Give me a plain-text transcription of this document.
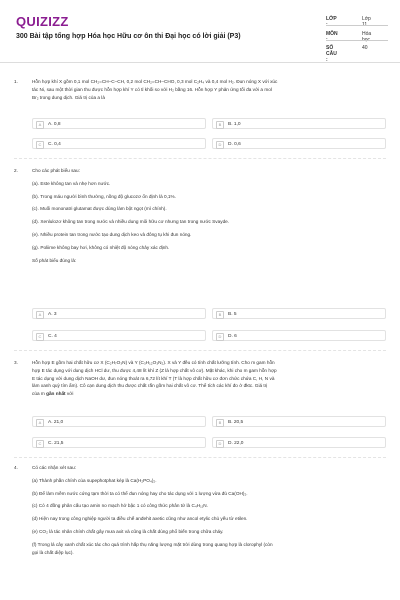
QUIZIZZ
300 Bài tập tổng hợp Hóa học Hữu cơ ôn thi Đại học có lời giải (P3)
LỚP :
Lớp 11
MÔN :
Hóa học
SỐ CÂU :
40
1.	Hỗn hợp khí X gồm 0,1 mol CH₂=CH–C–CH, 0,2 mol CH₂=CH–CHO, 0,3 mol C₂H₄ và 0,4 mol H₂. Đun nóng X với xúc
tác Ni, sau một thời gian thu được hỗn hợp khí Y có tỉ khối so với H₂ bằng 16. Hỗn hợp Y phản ứng tối đa với a mol
Br₂ trong dung dịch. Giá trị của a là
A	A. 0,8	B	B. 1,0
C	C. 0,4	D	D. 0,6
2.	Cho các phát biểu sau:
(a). Este không tan và nhẹ hơn nước.
(b). Trong máu người bình thường, nồng độ glucozơ ổn định là 0,1%.
(c). Muối mononatri glutamat được dùng làm bột ngọt (mì chính).
(d). Xenlulozơ không tan trong nước và nhiều dung môi hữu cơ nhưng tan trong nước Svayde.
(e). Nhiều protein tan trong nước tạo dung dịch keo và đông tụ khi đun nóng.
(g). Poliime không bay hơi, không có nhiệt độ nóng chảy xác định.
Số phát biểu đúng là:
A	A. 3	B	B. 5
C	C. 4	D	D. 6
3.	Hỗn hợp E gồm hai chất hữu cơ X (C₂H₇O₃N) và Y (C₃H₁₂O₃N₂). X và Y đều có tính chất lưỡng tính. Cho m gam hỗn
hợp E tác dụng với dung dịch HCl dư, thu được 4,48 lít khí Z (Z là hợp chất vô cơ). Mặt khác, khi cho m gam hỗn hợp
E tác dụng với dung dịch NaOH dư, đun nóng thoát ra 6,72 lít khí T (T là hợp chất hữu cơ đơn chức chứa C, H, N và
làm xanh quỳ tím ẩm). Cô cạn dung dịch thu được chất rắn gồm hai chất vô cơ. Thể tích các khí đo ở đktc. Giá trị
của m gần nhất với
A	A. 21,0	B	B. 20,5
C	C. 21,5	D	D. 22,0
4.	Có các nhận xét sau:
(a) Thành phần chính của supephotphat kép là Ca(H₂PO₄)₂.
(b) Để làm mềm nước cứng tạm thời ta có thể đun nóng hay cho tác dụng với 1 lượng vừa đủ Ca(OH)₂.
(c) Có 4 đồng phân cấu tạo amin no mạch hở bậc 1 có công thức phân tử là C₄H₁₁N.
(d) Hiện nay trong công nghiệp người ta điều chế anđehit axetic cũng như ancol etylic chủ yếu từ etilen.
(e) CO₂ là tác nhân chính chất gây mưa axit và cũng là chất dùng phổ biến trong chữa cháy.
(f) Trong lá cây xanh chất xúc tác cho quá trình hấp thụ năng lượng mặt trời dùng trong quang hợp là clorophyl (còn
gọi là chất diệp lục).
